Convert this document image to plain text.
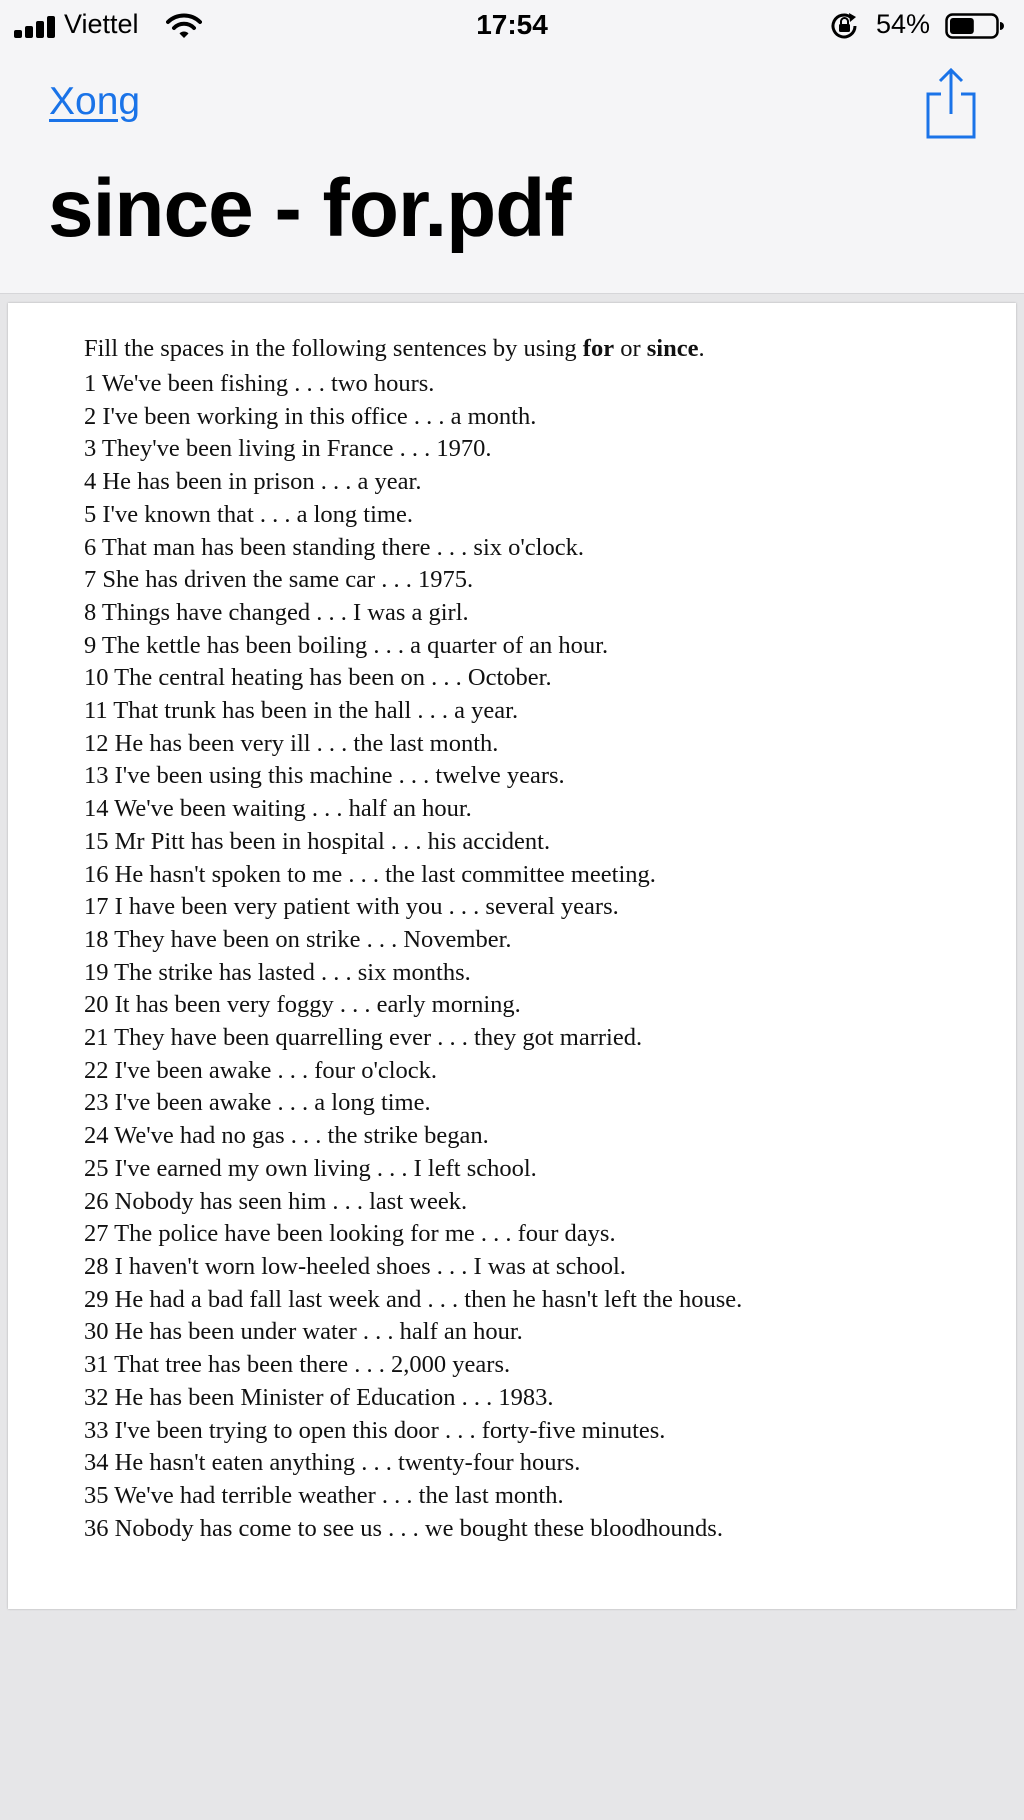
Viettel	17:54	54%
Xong
since - for.pdf
Fill the spaces in the following sentences by using for or since.
1 We've been fishing . . . two hours.
2 I've been working in this office . . . a month.
3 They've been living in France . . . 1970.
4 He has been in prison . . . a year.
5 I've known that . . . a long time.
6 That man has been standing there . . . six o'clock.
7 She has driven the same car . . . 1975.
8 Things have changed . . . I was a girl.
9 The kettle has been boiling . . . a quarter of an hour.
10 The central heating has been on . . . October.
11 That trunk has been in the hall . . . a year.
12 He has been very ill . . . the last month.
13 I've been using this machine . . . twelve years.
14 We've been waiting . . . half an hour.
15 Mr Pitt has been in hospital . . . his accident.
16 He hasn't spoken to me . . . the last committee meeting.
17 I have been very patient with you . . . several years.
18 They have been on strike . . . November.
19 The strike has lasted . . . six months.
20 It has been very foggy . . . early morning.
21 They have been quarrelling ever . . . they got married.
22 I've been awake . . . four o'clock.
23 I've been awake . . . a long time.
24 We've had no gas . . . the strike began.
25 I've earned my own living . . . I left school.
26 Nobody has seen him . . . last week.
27 The police have been looking for me . . . four days.
28 I haven't worn low-heeled shoes . . . I was at school.
29 He had a bad fall last week and . . . then he hasn't left the house.
30 He has been under water . . . half an hour.
31 That tree has been there . . . 2,000 years.
32 He has been Minister of Education . . . 1983.
33 I've been trying to open this door . . . forty-five minutes.
34 He hasn't eaten anything . . . twenty-four hours.
35 We've had terrible weather . . . the last month.
36 Nobody has come to see us . . . we bought these bloodhounds.
